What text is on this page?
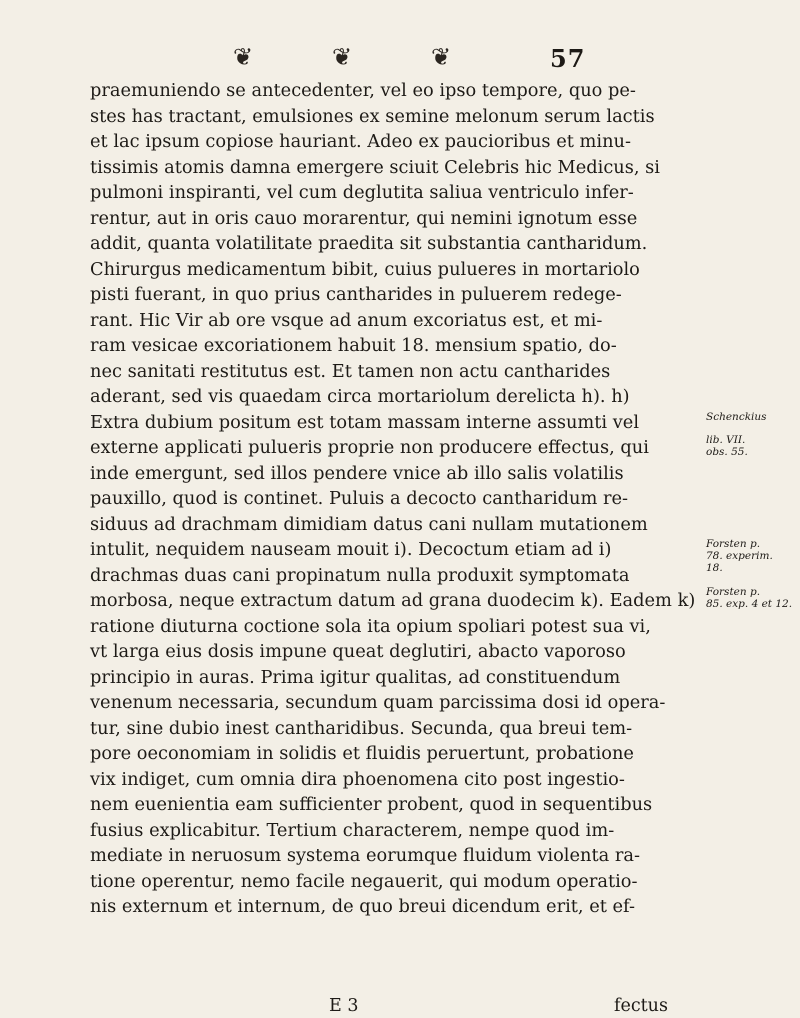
❦	❦	❦	57
praemuniendo se antecedenter, vel eo ipso tempore, quo pe-
stes has tractant, emulsiones ex semine melonum serum lactis
et lac ipsum copiose hauriant. Adeo ex paucioribus et minu-
tissimis atomis damna emergere sciuit Celebris hic Medicus, si
pulmoni inspiranti, vel cum deglutita saliua ventriculo infer-
rentur, aut in oris cauo morarentur, qui nemini ignotum esse
addit, quanta volatilitate praedita sit substantia cantharidum.
Chirurgus medicamentum bibit, cuius pulueres in mortariolo
pisti fuerant, in quo prius cantharides in puluerem redege-
rant. Hic Vir ab ore vsque ad anum excoriatus est, et mi-
ram vesicae excoriationem habuit 18. mensium spatio, do-
nec sanitati restitutus est. Et tamen non actu cantharides
aderant, sed vis quaedam circa mortariolum derelicta h). h)
Extra dubium positum est totam massam interne assumti vel
externe applicati pulueris proprie non producere effectus, qui
inde emergunt, sed illos pendere vnice ab illo salis volatilis
pauxillo, quod is continet. Puluis a decocto cantharidum re-
siduus ad drachmam dimidiam datus cani nullam mutationem
intulit, nequidem nauseam mouit i). Decoctum etiam ad i)
drachmas duas cani propinatum nulla produxit symptomata
morbosa, neque extractum datum ad grana duodecim k). Eadem k)
ratione diuturna coctione sola ita opium spoliari potest sua vi,
vt larga eius dosis impune queat deglutiri, abacto vaporoso
principio in auras. Prima igitur qualitas, ad constituendum
venenum necessaria, secundum quam parcissima dosi id opera-
tur, sine dubio inest cantharidibus. Secunda, qua breui tem-
pore oeconomiam in solidis et fluidis peruertunt, probatione
vix indiget, cum omnia dira phoenomena cito post ingestio-
nem euenientia eam sufficienter probent, quod in sequentibus
fusius explicabitur. Tertium characterem, nempe quod im-
mediate in neruosum systema eorumque fluidum violenta ra-
tione operentur, nemo facile negauerit, qui modum operatio-
nis externum et internum, de quo breui dicendum erit, et ef-
Schenckius
lib. VII.
obs. 55.
Forsten p.
78. experim.
18.
Forsten p.
85. exp. 4 et 12.
E 3	fectus
